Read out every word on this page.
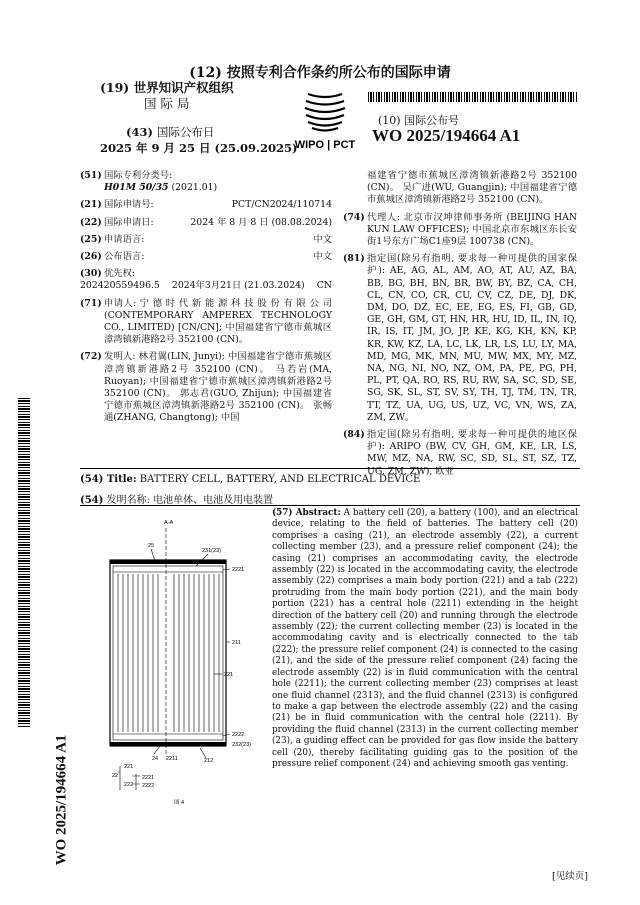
(12) 按照专利合作条约所公布的国际申请
(19) 世界知识产权组织
国 际 局
(43) 国际公布日
2025 年 9 月 25 日 (25.09.2025)
WIPO | PCT
(10) 国际公布号
WO 2025/194664 A1
WO 2025/194664 A1
(51) 国际专利分类号:
H01M 50/35 (2021.01)
(21) 国际申请号:	PCT/CN2024/110714
(22) 国际申请日:	2024 年 8 月 8 日 (08.08.2024)
(25) 申请语言:	中文
(26) 公布语言:	中文
(30) 优先权:
202420559496.5 2024年3月21日 (21.03.2024) CN
(71) 申请人: 宁 德 时 代 新 能 源 科 技 股 份 有 限 公 司 (CONTEMPORARY AMPEREX TECHNOLOGY CO., LIMITED) [CN/CN]; 中国福建省宁德市蕉城区漳湾镇新港路2号 352100 (CN)。
(72) 发明人: 林君翼(LIN, Junyi); 中国福建省宁德市蕉城区漳湾镇新港路2号 352100 (CN)。 马若岩(MA, Ruoyan); 中国福建省宁德市蕉城区漳湾镇新港路2号 352100 (CN)。 郭志君(GUO, Zhijun); 中国福建省宁德市蕉城区漳湾镇新港路2号 352100 (CN)。 张畅通(ZHANG, Changtong); 中国
福建省宁德市蕉城区漳湾镇新港路2号 352100 (CN)。 吴广进(WU, Guangjin); 中国福建省宁德市蕉城区漳湾镇新港路2号 352100 (CN)。
(74) 代理人: 北京市汉坤律师事务所 (BEIJING HAN KUN LAW OFFICES); 中国北京市东城区东长安街1号东方广场C1座9层 100738 (CN)。
(81) 指定国(除另有指明, 要求每一种可提供的国家保护): AE, AG, AL, AM, AO, AT, AU, AZ, BA, BB, BG, BH, BN, BR, BW, BY, BZ, CA, CH, CL, CN, CO, CR, CU, CV, CZ, DE, DJ, DK, DM, DO, DZ, EC, EE, EG, ES, FI, GB, GD, GE, GH, GM, GT, HN, HR, HU, ID, IL, IN, IQ, IR, IS, IT, JM, JO, JP, KE, KG, KH, KN, KP, KR, KW, KZ, LA, LC, LK, LR, LS, LU, LY, MA, MD, MG, MK, MN, MU, MW, MX, MY, MZ, NA, NG, NI, NO, NZ, OM, PA, PE, PG, PH, PL, PT, QA, RO, RS, RU, RW, SA, SC, SD, SE, SG, SK, SL, ST, SV, SY, TH, TJ, TM, TN, TR, TT, TZ, UA, UG, US, UZ, VC, VN, WS, ZA, ZM, ZW。
(84) 指定国(除另有指明, 要求每一种可提供的地区保护): ARIPO (BW, CV, GH, GM, KE, LR, LS, MW, MZ, NA, RW, SC, SD, SL, ST, SZ, TZ, UG, ZM, ZW), 欧亚
(54) Title: BATTERY CELL, BATTERY, AND ELECTRICAL DEVICE
(54) 发明名称: 电池单体、电池及用电装置
A-A
25
231(23)
2221
211
221
2222
232(23)
24 2211	212
221
22
222
2221
2222
图 4
(57) Abstract: A battery cell (20), a battery (100), and an electrical device, relating to the field of batteries. The battery cell (20) comprises a casing (21), an electrode assembly (22), a current collecting member (23), and a pressure relief component (24); the casing (21) comprises an accommodating cavity, the electrode assembly (22) is located in the accommodating cavity, the electrode assembly (22) comprises a main body portion (221) and a tab (222) protruding from the main body portion (221), and the main body portion (221) has a central hole (2211) extending in the height direction of the battery cell (20) and running through the electrode assembly (22); the current collecting member (23) is located in the accommodating cavity and is electrically connected to the tab (222); the pressure relief component (24) is connected to the casing (21), and the side of the pressure relief component (24) facing the electrode assembly (22) is in fluid communication with the central hole (2211); the current collecting member (23) comprises at least one fluid channel (2313), and the fluid channel (2313) is configured to make a gap between the electrode assembly (22) and the casing (21) be in fluid communication with the central hole (2211). By providing the fluid channel (2313) in the current collecting member (23), a guiding effect can be provided for gas flow inside the battery cell (20), thereby facilitating guiding gas to the position of the pressure relief component (24) and achieving smooth gas venting.
[见续页]
